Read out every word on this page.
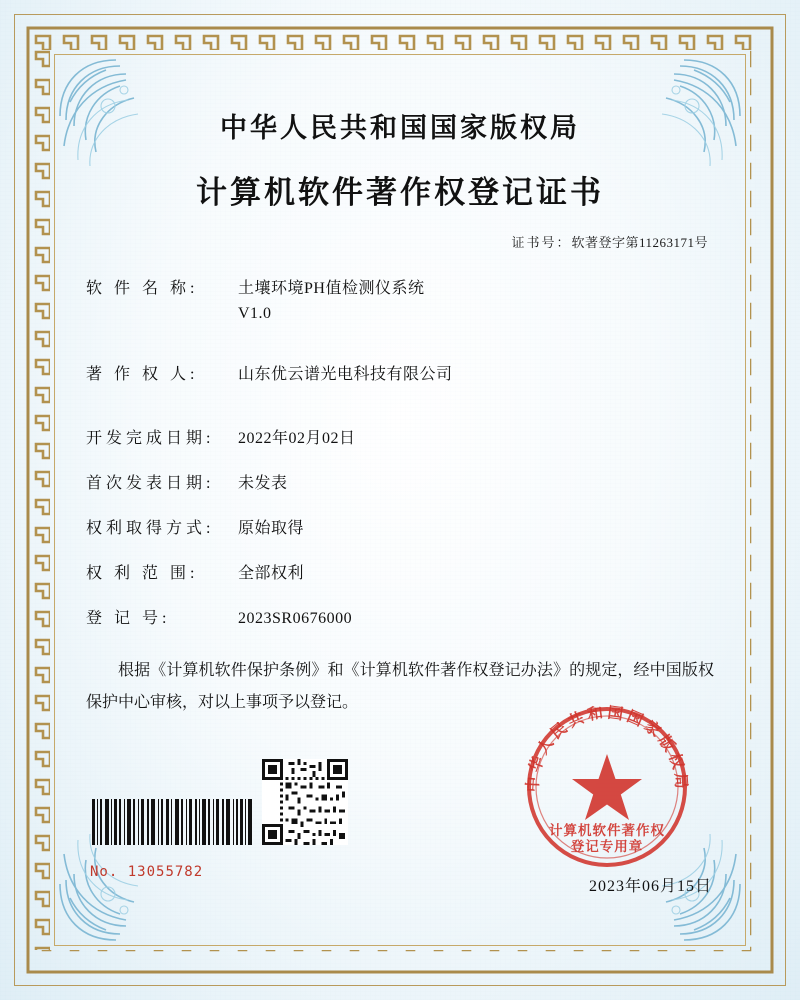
中华人民共和国国家版权局
计算机软件著作权登记证书
证书号：软著登字第11263171号
软 件 名 称:	土壤环境PH值检测仪系统
V1.0
著 作 权 人:	山东优云谱光电科技有限公司
开发完成日期:	2022年02月02日
首次发表日期:	未发表
权利取得方式:	原始取得
权 利 范 围:	全部权利
登 记 号:	2023SR0676000

根据《计算机软件保护条例》和《计算机软件著作权登记办法》的规定，经中国版权保护中心审核，对以上事项予以登记。

No. 13055782
中华人民共和国国家版权局
计算机软件著作权
登记专用章
2023年06月15日
